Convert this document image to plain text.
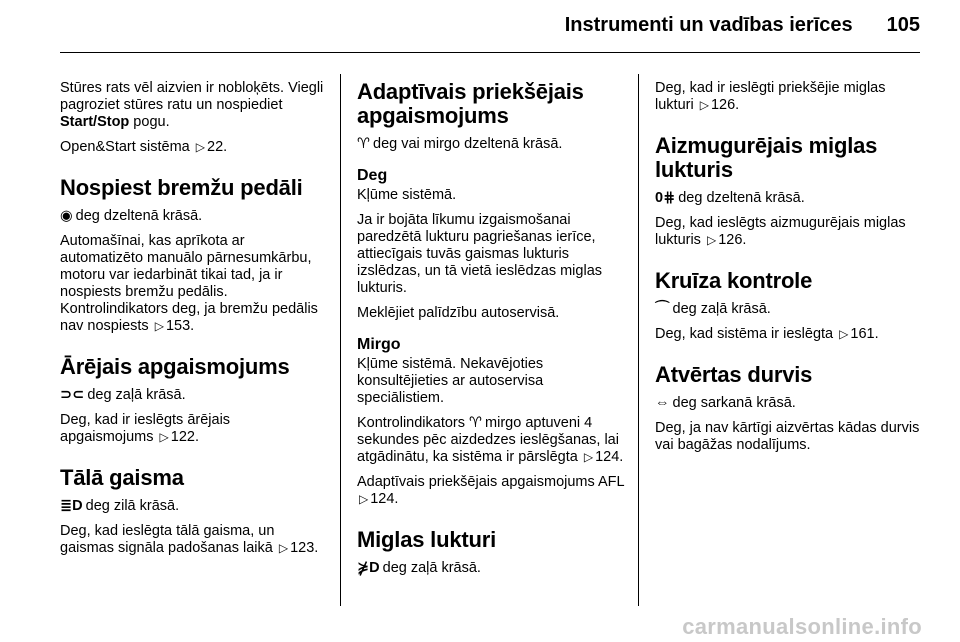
Instrumenti un vadības ierīces 105

Stūres rats vēl aizvien ir nobloķēts. Viegli pagroziet stūres ratu un nospiediet Start/Stop pogu.

Open&Start sistēma ▷ 22.

Nospiest bremžu pedāli

◉ deg dzeltenā krāsā.

Automašīnai, kas aprīkota ar automatizēto manuālo pārnesumkārbu, motoru var iedarbināt tikai tad, ja ir nospiests bremžu pedālis. Kontrolindikators deg, ja bremžu pedālis nav nospiests ▷ 153.

Ārējais apgaismojums

⊃⊂ deg zaļā krāsā.

Deg, kad ir ieslēgts ārējais apgaismojums ▷ 122.

Tālā gaisma

≣D deg zilā krāsā.

Deg, kad ieslēgta tālā gaisma, un gaismas signāla padošanas laikā ▷ 123.

Adaptīvais priekšējais apgaismojums

♈ deg vai mirgo dzeltenā krāsā.

Deg

Kļūme sistēmā.

Ja ir bojāta līkumu izgaismošanai paredzētā lukturu pagriešanas ierīce, attiecīgais tuvās gaismas lukturis izslēdzas, un tā vietā ieslēdzas miglas lukturis.

Meklējiet palīdzību autoservisā.

Mirgo

Kļūme sistēmā. Nekavējoties konsultējieties ar autoservisa speciālistiem.

Kontrolindikators ♈ mirgo aptuveni 4 sekundes pēc aizdedzes ieslēgšanas, lai atgādinātu, ka sistēma ir pārslēgta ▷ 124.

Adaptīvais priekšējais apgaismojums AFL ▷ 124.

Miglas lukturi

⋡D deg zaļā krāsā.

Deg, kad ir ieslēgti priekšējie miglas lukturi ▷ 126.

Aizmugurējais miglas lukturis

0⋕ deg dzeltenā krāsā.

Deg, kad ieslēgts aizmugurējais miglas lukturis ▷ 126.

Kruīza kontrole

⌒ deg zaļā krāsā.

Deg, kad sistēma ir ieslēgta ▷ 161.

Atvērtas durvis

⇔ deg sarkanā krāsā.

Deg, ja nav kārtīgi aizvērtas kādas durvis vai bagāžas nodalījums.

carmanualsonline.info
